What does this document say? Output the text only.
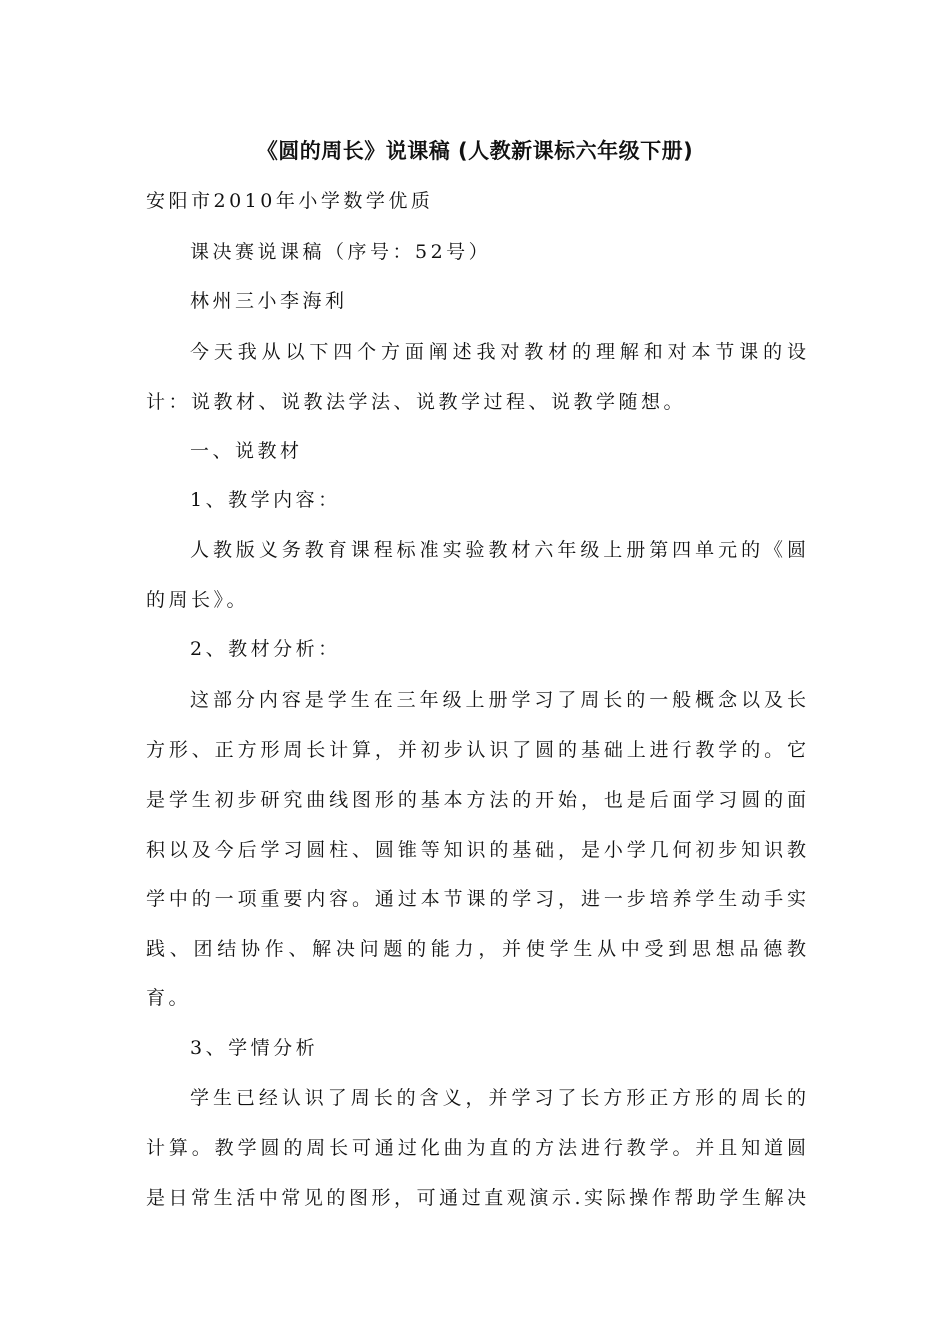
《圆的周长》说课稿 (人教新课标六年级下册)
安阳市2010年小学数学优质
课决赛说课稿（序号：52号）
林州三小李海利
今天我从以下四个方面阐述我对教材的理解和对本节课的设
计：说教材、说教法学法、说教学过程、说教学随想。
一、说教材
1、教学内容：
人教版义务教育课程标准实验教材六年级上册第四单元的《圆
的周长》。
2、教材分析：
这部分内容是学生在三年级上册学习了周长的一般概念以及长
方形、正方形周长计算，并初步认识了圆的基础上进行教学的。它
是学生初步研究曲线图形的基本方法的开始，也是后面学习圆的面
积以及今后学习圆柱、圆锥等知识的基础，是小学几何初步知识教
学中的一项重要内容。通过本节课的学习，进一步培养学生动手实
践、团结协作、解决问题的能力，并使学生从中受到思想品德教
育。
3、学情分析
学生已经认识了周长的含义，并学习了长方形正方形的周长的
计算。教学圆的周长可通过化曲为直的方法进行教学。并且知道圆
是日常生活中常见的图形，可通过直观演示.实际操作帮助学生解决
